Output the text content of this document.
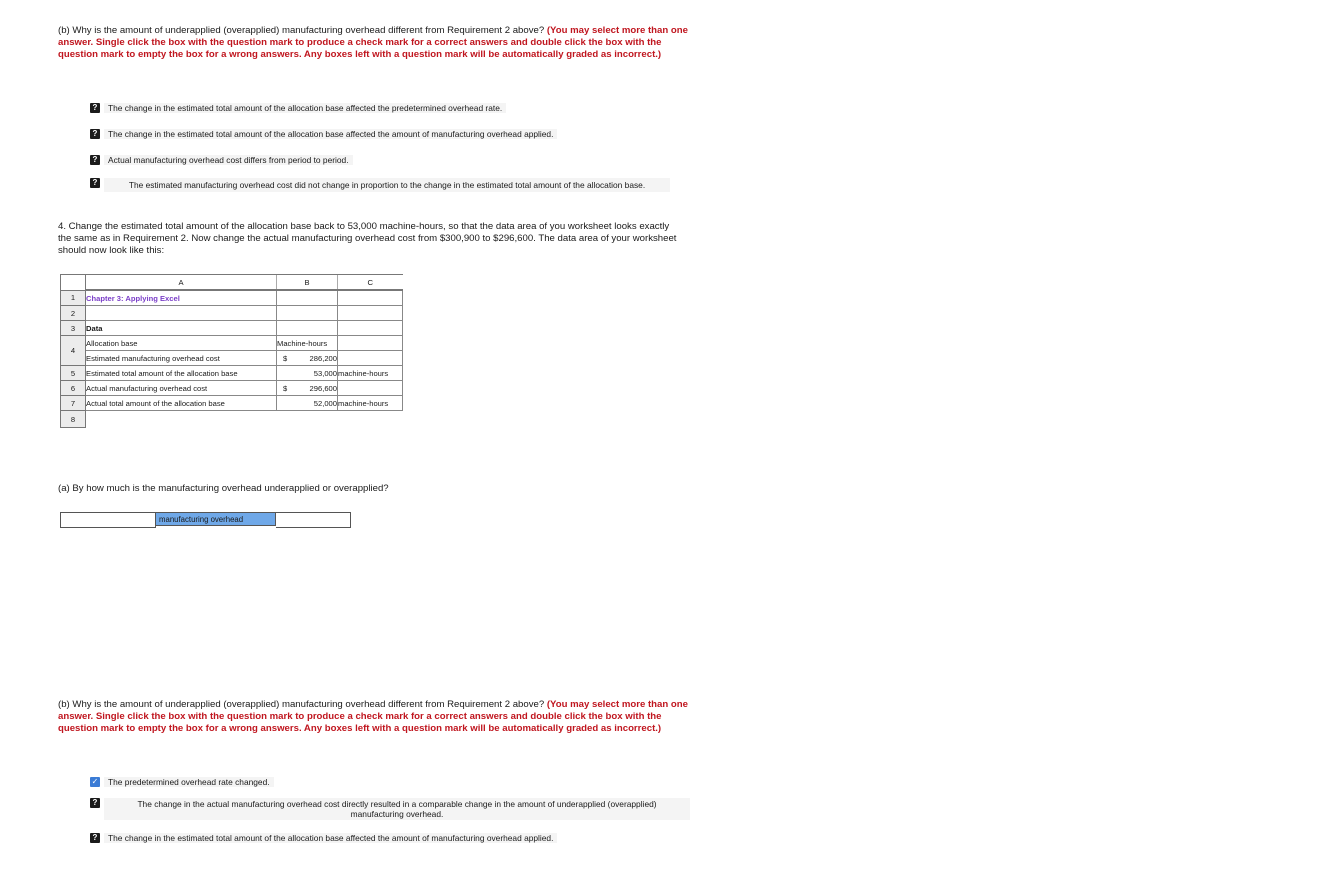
(b) Why is the amount of underapplied (overapplied) manufacturing overhead different from Requirement 2 above? (You may select more than one answer. Single click the box with the question mark to produce a check mark for a correct answers and double click the box with the question mark to empty the box for a wrong answers. Any boxes left with a question mark will be automatically graded as incorrect.)
?	The change in the estimated total amount of the allocation base affected the predetermined overhead rate.
?	The change in the estimated total amount of the allocation base affected the amount of manufacturing overhead applied.
?	Actual manufacturing overhead cost differs from period to period.
?	The estimated manufacturing overhead cost did not change in proportion to the change in the estimated total amount of the allocation base.
4. Change the estimated total amount of the allocation base back to 53,000 machine-hours, so that the data area of you worksheet looks exactly the same as in Requirement 2. Now change the actual manufacturing overhead cost from $300,900 to $296,600. The data area of your worksheet should now look like this:
	A	B	C
1	Chapter 3: Applying Excel		
2			
3	Data		
4	Allocation base	Machine-hours	
	Estimated manufacturing overhead cost	$ 286,200	

5	Estimated total amount of the allocation base	53,000	machine-hours
6	Actual manufacturing overhead cost	$ 296,600	

7	Actual total amount of the allocation base	52,000	machine-hours
8			
(a) By how much is the manufacturing overhead underapplied or overapplied?
manufacturing overhead
(b) Why is the amount of underapplied (overapplied) manufacturing overhead different from Requirement 2 above? (You may select more than one answer. Single click the box with the question mark to produce a check mark for a correct answers and double click the box with the question mark to empty the box for a wrong answers. Any boxes left with a question mark will be automatically graded as incorrect.)
✓	The predetermined overhead rate changed.
?	The change in the actual manufacturing overhead cost directly resulted in a comparable change in the amount of underapplied (overapplied) manufacturing overhead.
?	The change in the estimated total amount of the allocation base affected the amount of manufacturing overhead applied.
